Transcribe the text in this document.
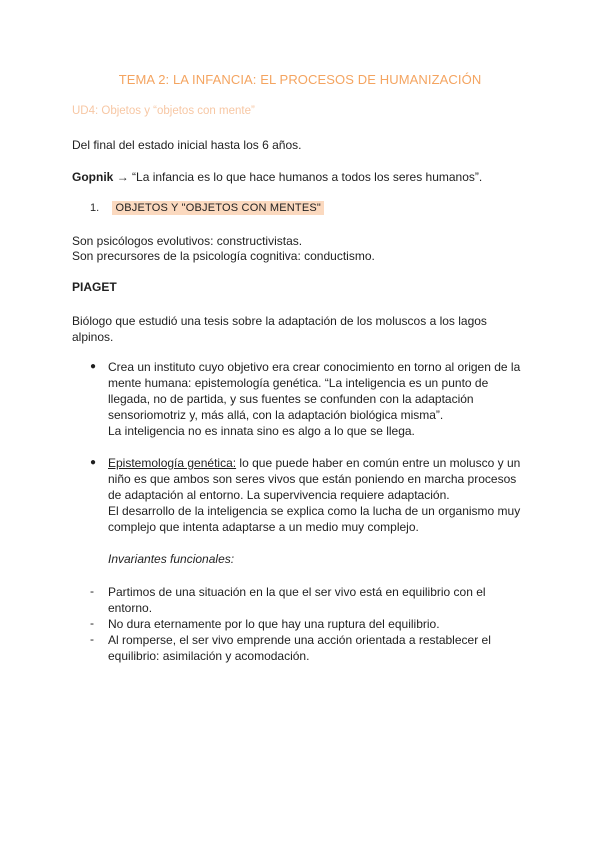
TEMA 2: LA INFANCIA: EL PROCESOS DE HUMANIZACIÓN
UD4: Objetos y “objetos con mente”
Del final del estado inicial hasta los 6 años.
Gopnik → “La infancia es lo que hace humanos a todos los seres humanos”.
1. OBJETOS Y "OBJETOS CON MENTES"
Son psicólogos evolutivos: constructivistas.
Son precursores de la psicología cognitiva: conductismo.
PIAGET
Biólogo que estudió una tesis sobre la adaptación de los moluscos a los lagos
alpinos.
● Crea un instituto cuyo objetivo era crear conocimiento en torno al origen de la
mente humana: epistemología genética. “La inteligencia es un punto de
llegada, no de partida, y sus fuentes se confunden con la adaptación
sensoriomotriz y, más allá, con la adaptación biológica misma”.
La inteligencia no es innata sino es algo a lo que se llega.
● Epistemología genética: lo que puede haber en común entre un molusco y un
niño es que ambos son seres vivos que están poniendo en marcha procesos
de adaptación al entorno. La supervivencia requiere adaptación.
El desarrollo de la inteligencia se explica como la lucha de un organismo muy
complejo que intenta adaptarse a un medio muy complejo.
Invariantes funcionales:
- Partimos de una situación en la que el ser vivo está en equilibrio con el
entorno.
- No dura eternamente por lo que hay una ruptura del equilibrio.
- Al romperse, el ser vivo emprende una acción orientada a restablecer el
equilibrio: asimilación y acomodación.
